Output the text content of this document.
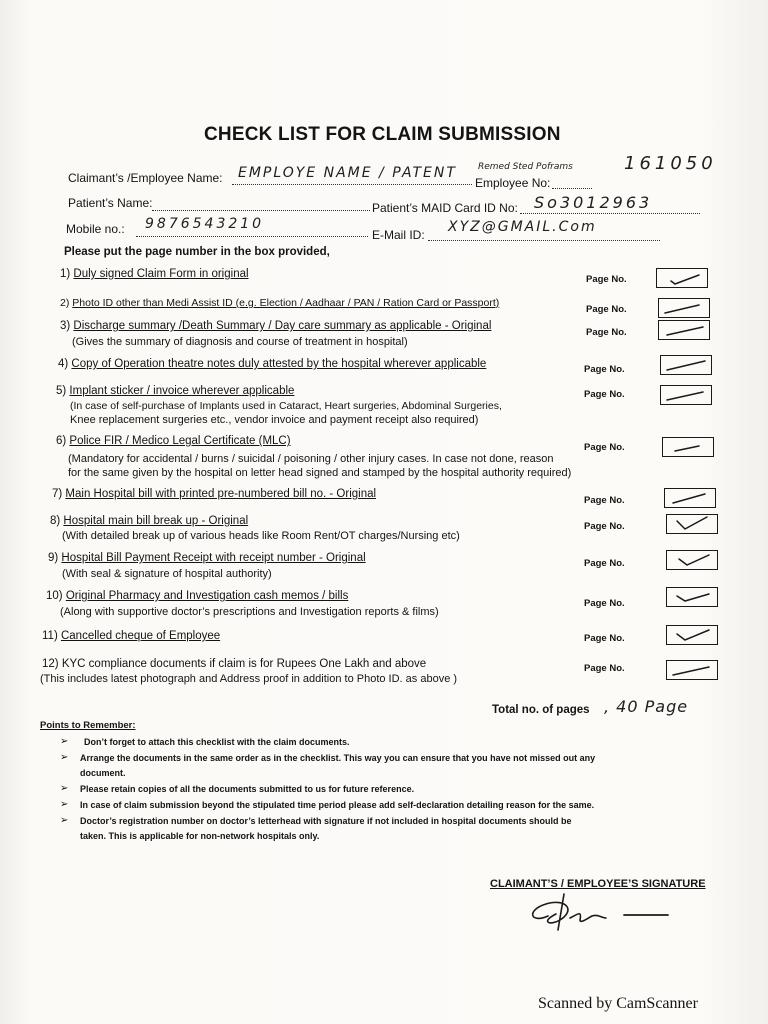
CHECK LIST FOR CLAIM SUBMISSION
Claimant’s /Employee Name: EMPLOYE NAME / PATENT Remed Sted Poframs
Employee No:
161050
Patient’s Name:	Patient’s MAID Card ID No: So3012963
Mobile no.: 9876543210
E-Mail ID: XYZ@GMAIL.Com
Please put the page number in the box provided,
1) Duly signed Claim Form in original	Page No.
2) Photo ID other than Medi Assist ID (e.g. Election / Aadhaar / PAN / Ration Card or Passport)
Page No.
3) Discharge summary /Death Summary / Day care summary as applicable - Original
(Gives the summary of diagnosis and course of treatment in hospital)
Page No.
4) Copy of Operation theatre notes duly attested by the hospital wherever applicable	Page No.
5) Implant sticker / invoice wherever applicable
(In case of self-purchase of Implants used in Cataract, Heart surgeries, Abdominal Surgeries,
Knee replacement surgeries etc., vendor invoice and payment receipt also required)
Page No.
6) Police FIR / Medico Legal Certificate (MLC)
(Mandatory for accidental / burns / suicidal / poisoning / other injury cases. In case not done, reason
for the same given by the hospital on letter head signed and stamped by the hospital authority required)
Page No.
7) Main Hospital bill with printed pre-numbered bill no. - Original
Page No.
8) Hospital main bill break up - Original
(With detailed break up of various heads like Room Rent/OT charges/Nursing etc)
Page No.
9) Hospital Bill Payment Receipt with receipt number - Original
(With seal & signature of hospital authority)
Page No.
10) Original Pharmacy and Investigation cash memos / bills
(Along with supportive doctor’s prescriptions and Investigation reports & films)
Page No.
11) Cancelled cheque of Employee	Page No.
12) KYC compliance documents if claim is for Rupees One Lakh and above
(This includes latest photograph and Address proof in addition to Photo ID. as above )
Page No.
Total no. of pages , 40 Page
Points to Remember:
➢ Don’t forget to attach this checklist with the claim documents.
➢ Arrange the documents in the same order as in the checklist. This way you can ensure that you have not missed out any
document.
➢ Please retain copies of all the documents submitted to us for future reference.
➢ In case of claim submission beyond the stipulated time period please add self-declaration detailing reason for the same.
➢ Doctor’s registration number on doctor’s letterhead with signature if not included in hospital documents should be
taken. This is applicable for non-network hospitals only.
CLAIMANT’S / EMPLOYEE’S SIGNATURE
Scanned by CamScanner
